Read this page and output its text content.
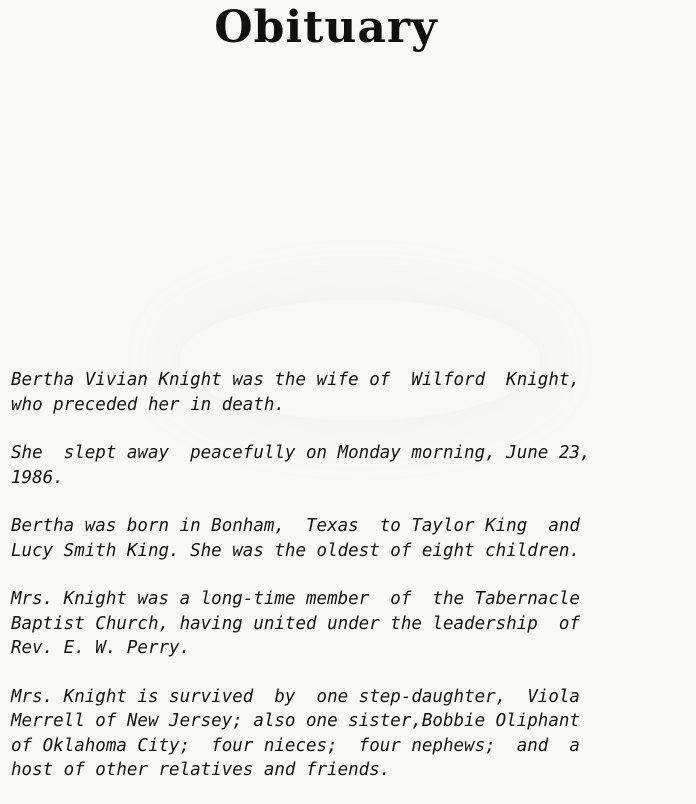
Obituary

Bertha Vivian Knight was the wife of  Wilford  Knight,
who preceded her in death.

She  slept away  peacefully on Monday morning, June 23,
1986.

Bertha was born in Bonham,  Texas  to Taylor King  and
Lucy Smith King. She was the oldest of eight children.

Mrs. Knight was a long-time member  of  the Tabernacle
Baptist Church, having united under the leadership  of
Rev. E. W. Perry.

Mrs. Knight is survived  by  one step-daughter,  Viola
Merrell of New Jersey; also one sister,Bobbie Oliphant
of Oklahoma City;  four nieces;  four nephews;  and  a
host of other relatives and friends.
